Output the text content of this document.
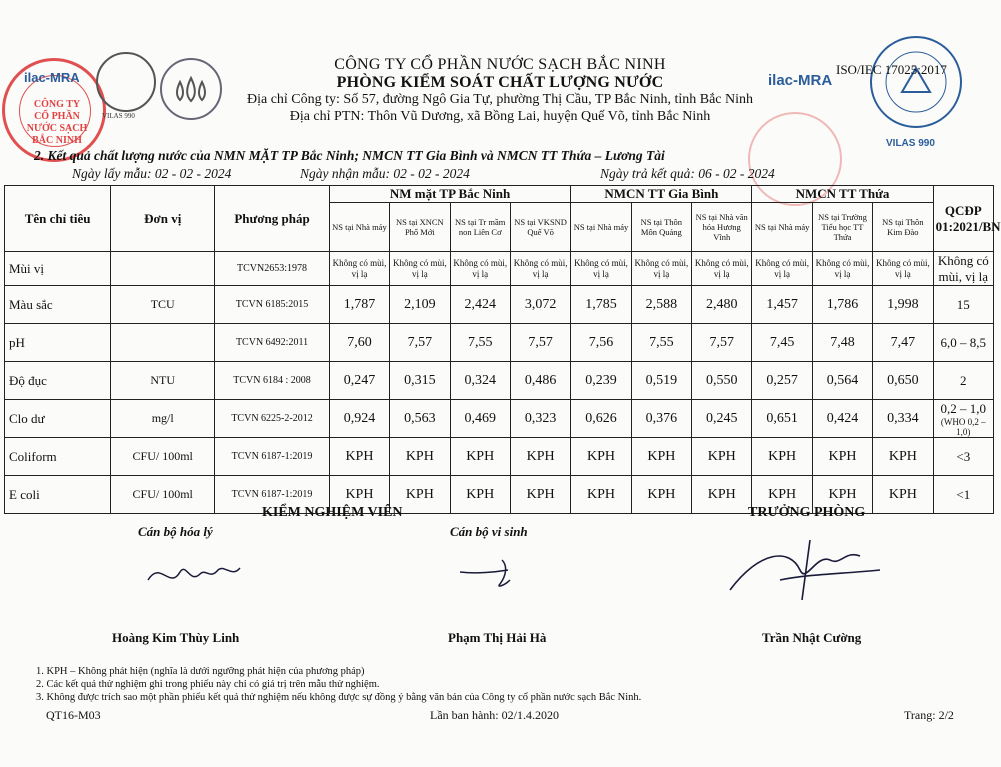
CÔNG TY
CỔ PHẦN
NƯỚC SẠCH
BẮC NINH
ilac-MRA
VILAS 990
ilac-MRA
VILAS 990
ISO/IEC 17025:2017
CÔNG TY CỔ PHẦN NƯỚC SẠCH BẮC NINH
PHÒNG KIỂM SOÁT CHẤT LƯỢNG NƯỚC
Địa chỉ Công ty: Số 57, đường Ngô Gia Tự, phường Thị Cầu, TP Bắc Ninh, tỉnh Bắc Ninh
Địa chỉ PTN: Thôn Vũ Dương, xã Bồng Lai, huyện Quế Võ, tỉnh Bắc Ninh
2. Kết quả chất lượng nước của NMN MẶT TP Bắc Ninh; NMCN TT Gia Bình và NMCN TT Thứa – Lương Tài
Ngày lấy mẫu: 02 - 02 - 2024	Ngày nhận mẫu: 02 - 02 - 2024	Ngày trả kết quả: 06 - 02 - 2024
Tên chỉ tiêu	Đơn vị	Phương pháp	NM mặt TP Bắc Ninh				NMCN TT Gia Bình			NMCN TT Thứa			QCĐP 01:2021/BN
			NS tại Nhà máy	NS tại XNCN Phố Mới	NS tại Tr mầm non Liên Cơ	NS tại VKSND Quế Võ	NS tại Nhà máy	NS tại Thôn Môn Quảng	NS tại Nhà văn hóa Hương Vĩnh	NS tại Nhà máy	NS tại Trường Tiểu học TT Thứa	NS tại Thôn Kim Đào	
Mùi vị		TCVN2653:1978	Không có mùi, vị lạ	Không có mùi, vị lạ	Không có mùi, vị lạ	Không có mùi, vị lạ	Không có mùi, vị lạ	Không có mùi, vị lạ	Không có mùi, vị lạ	Không có mùi, vị lạ	Không có mùi, vị lạ	Không có mùi, vị lạ	Không có mùi, vị lạ
Màu sắc	TCU	TCVN 6185:2015	1,787	2,109	2,424	3,072	1,785	2,588	2,480	1,457	1,786	1,998	15
pH		TCVN 6492:2011	7,60	7,57	7,55	7,57	7,56	7,55	7,57	7,45	7,48	7,47	6,0 – 8,5
Độ đục	NTU	TCVN 6184 : 2008	0,247	0,315	0,324	0,486	0,239	0,519	0,550	0,257	0,564	0,650	2
Clo dư	mg/l	TCVN 6225-2-2012	0,924	0,563	0,469	0,323	0,626	0,376	0,245	0,651	0,424	0,334	0,2 – 1,0
(WHO 0,2 – 1,0)

Coliform	CFU/ 100ml	TCVN 6187-1:2019	KPH	KPH	KPH	KPH	KPH	KPH	KPH	KPH	KPH	KPH	<3
E coli	CFU/ 100ml	TCVN 6187-1:2019	KPH	KPH	KPH	KPH	KPH	KPH	KPH	KPH	KPH	KPH	<1
KIỂM NGHIỆM VIÊN
Cán bộ hóa lý	Cán bộ vi sinh
TRƯỞNG PHÒNG
Hoàng Kim Thùy Linh	Phạm Thị Hải Hà	Trần Nhật Cường
1. KPH – Không phát hiện (nghĩa là dưới ngưỡng phát hiện của phương pháp)
2. Các kết quả thử nghiệm ghi trong phiếu này chỉ có giá trị trên mẫu thử nghiệm.
3. Không được trích sao một phần phiếu kết quả thử nghiệm nếu không được sự đồng ý bằng văn bản của Công ty cổ phần nước sạch Bắc Ninh.
QT16-M03	Lần ban hành: 02/1.4.2020	Trang: 2/2
